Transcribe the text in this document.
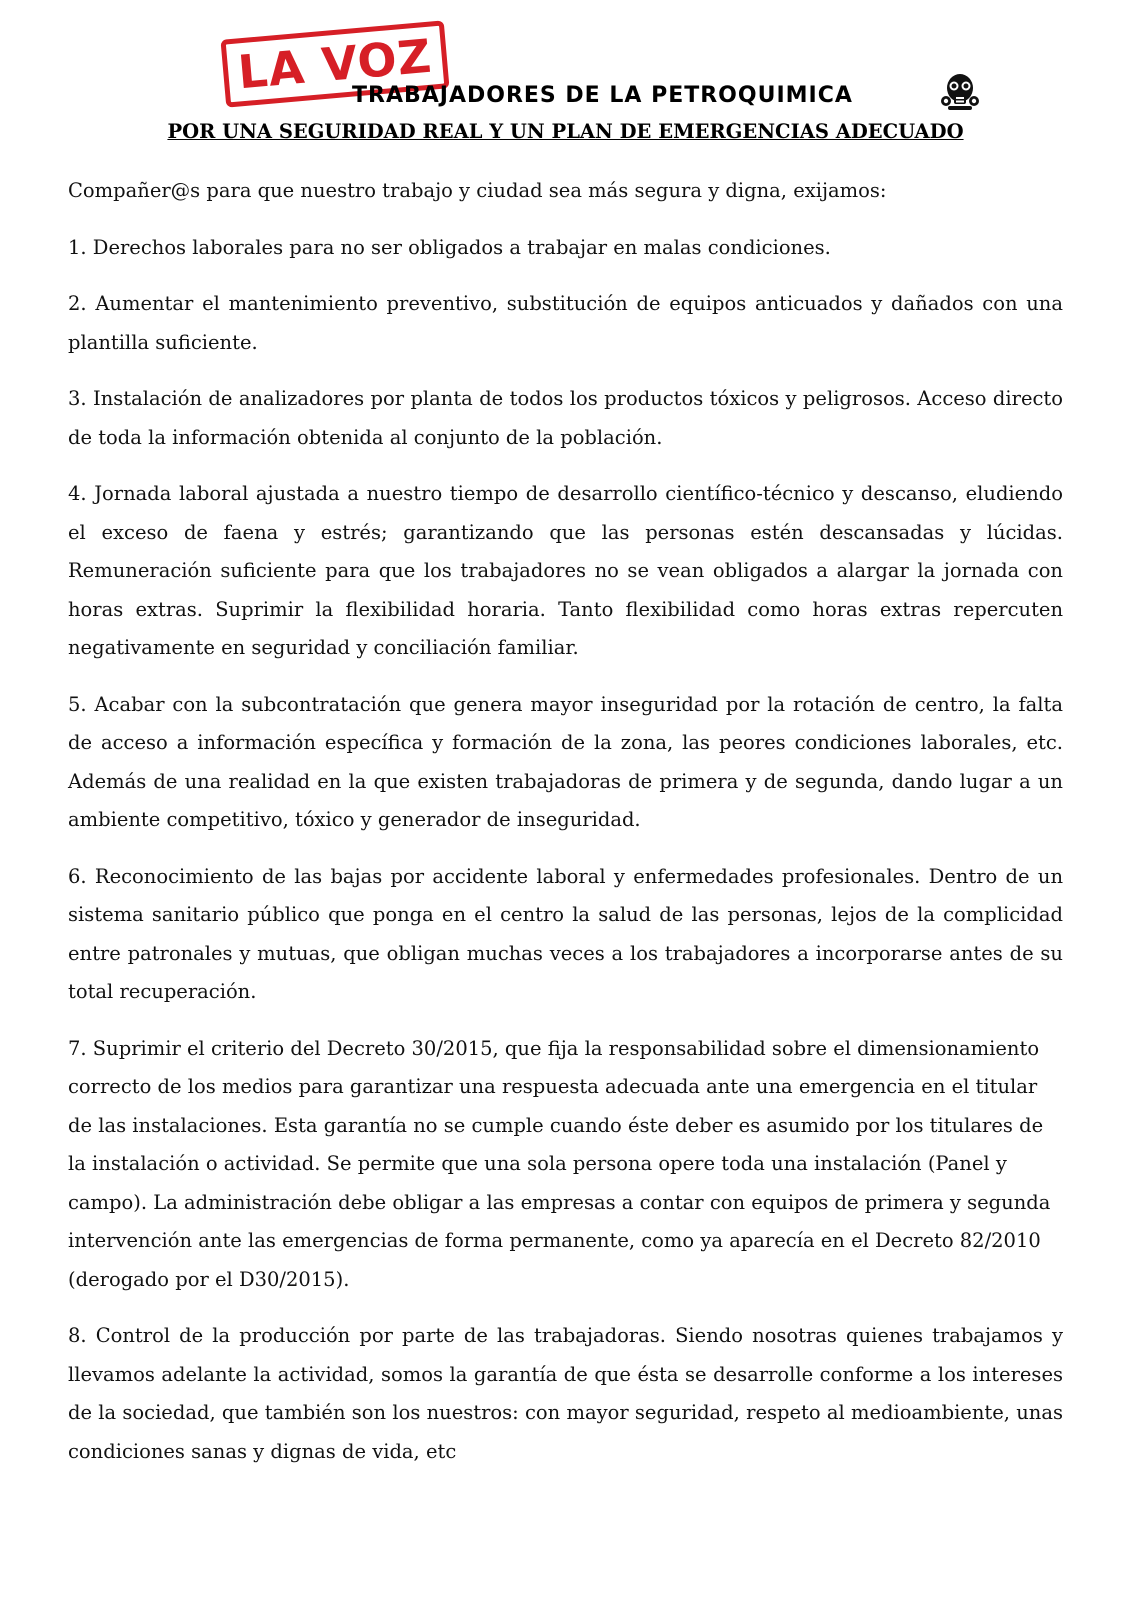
LA VOZ
TRABAJADORES DE LA PETROQUIMICA
POR UNA SEGURIDAD REAL Y UN PLAN DE EMERGENCIAS ADECUADO

Compañer@s para que nuestro trabajo y ciudad sea más segura y digna, exijamos:

1. Derechos laborales para no ser obligados a trabajar en malas condiciones.

2. Aumentar el mantenimiento preventivo, substitución de equipos anticuados y dañados con una plantilla suficiente.

3. Instalación de analizadores por planta de todos los productos tóxicos y peligrosos. Acceso directo de toda la información obtenida al conjunto de la población.

4. Jornada laboral ajustada a nuestro tiempo de desarrollo científico-técnico y descanso, eludiendo el exceso de faena y estrés; garantizando que las personas estén descansadas y lúcidas. Remuneración suficiente para que los trabajadores no se vean obligados a alargar la jornada con horas extras. Suprimir la flexibilidad horaria. Tanto flexibilidad como horas extras repercuten negativamente en seguridad y conciliación familiar.

5. Acabar con la subcontratación que genera mayor inseguridad por la rotación de centro, la falta de acceso a información específica y formación de la zona, las peores condiciones laborales, etc. Además de una realidad en la que existen trabajadoras de primera y de segunda, dando lugar a un ambiente competitivo, tóxico y generador de inseguridad.

6. Reconocimiento de las bajas por accidente laboral y enfermedades profesionales. Dentro de un sistema sanitario público que ponga en el centro la salud de las personas, lejos de la complicidad entre patronales y mutuas, que obligan muchas veces a los trabajadores a incorporarse antes de su total recuperación.

7. Suprimir el criterio del Decreto 30/2015, que fija la responsabilidad sobre el dimensionamiento correcto de los medios para garantizar una respuesta adecuada ante una emergencia en el titular de las instalaciones. Esta garantía no se cumple cuando éste deber es asumido por los titulares de la instalación o actividad. Se permite que una sola persona opere toda una instalación (Panel y campo). La administración debe obligar a las empresas a contar con equipos de primera y segunda intervención ante las emergencias de forma permanente, como ya aparecía en el Decreto 82/2010 (derogado por el D30/2015).

8. Control de la producción por parte de las trabajadoras. Siendo nosotras quienes trabajamos y llevamos adelante la actividad, somos la garantía de que ésta se desarrolle conforme a los intereses de la sociedad, que también son los nuestros: con mayor seguridad, respeto al medioambiente, unas condiciones sanas y dignas de vida, etc
